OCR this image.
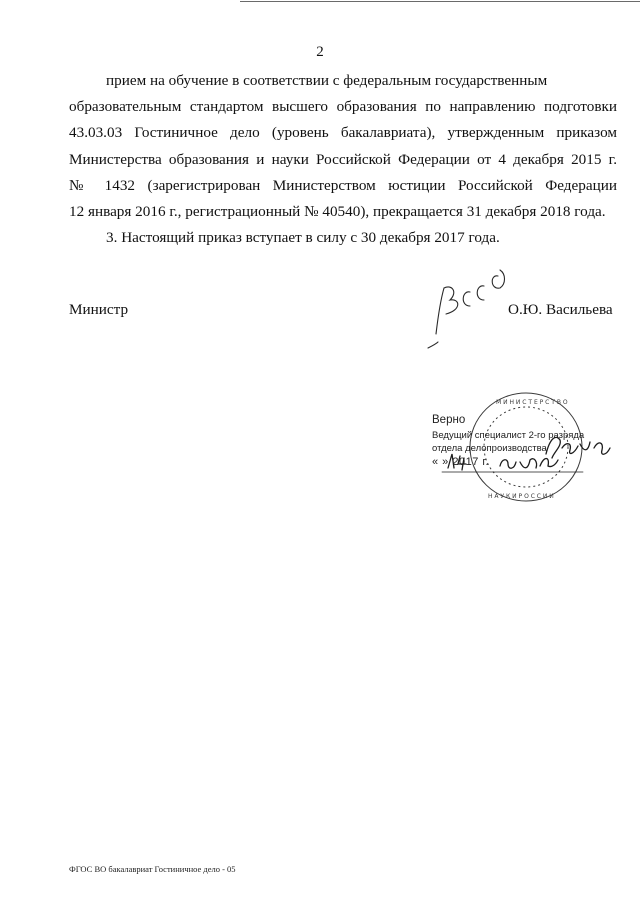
2

прием на обучение в соответствии с федеральным государственным

образовательным стандартом высшего образования по направлению подготовки

43.03.03 Гостиничное дело (уровень бакалавриата), утвержденным приказом

Министерства образования и науки Российской Федерации от 4 декабря 2015 г.

№ 1432 (зарегистрирован Министерством юстиции Российской Федерации

12 января 2016 г., регистрационный № 40540), прекращается 31 декабря 2018 года.

3. Настоящий приказ вступает в силу с 30 декабря 2017 года.

Министр	О.Ю. Васильева
М И Н И С Т Е Р С Т В О
Н А У К И Р О С С И И
Верно
Ведущий специалист 2-го разряда
отдела делопроизводства
« » 2017 г.
ФГОС ВО бакалавриат Гостиничное дело - 05
